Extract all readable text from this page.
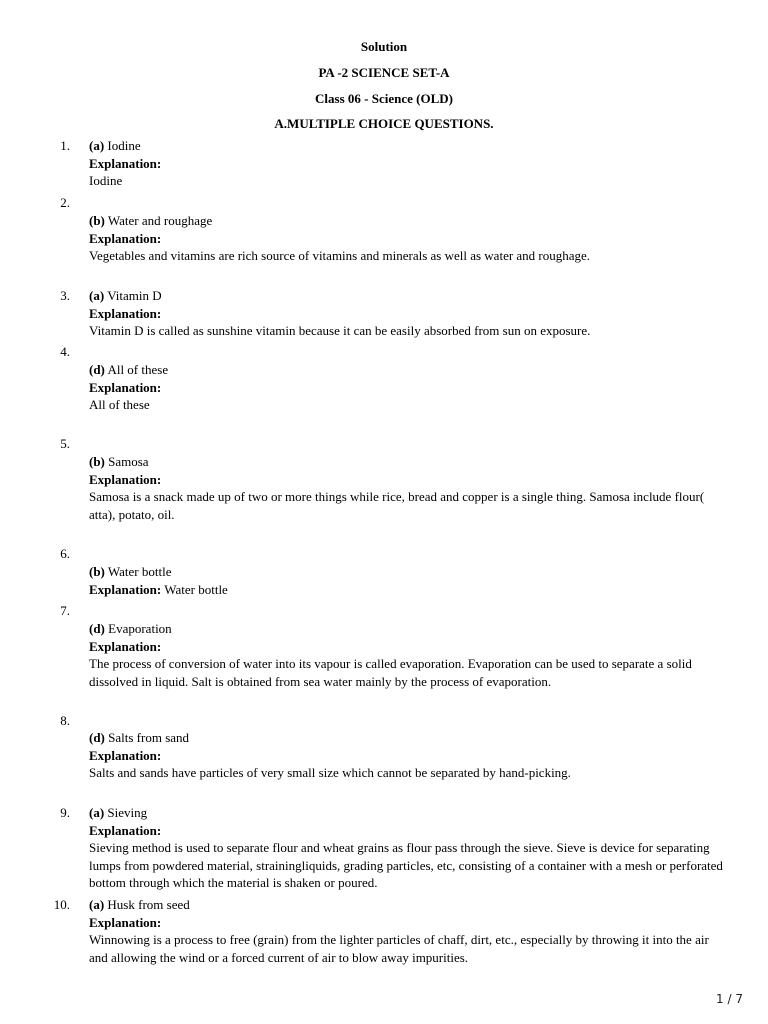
Solution
PA -2 SCIENCE SET-A
Class 06 - Science (OLD)
A.MULTIPLE CHOICE QUESTIONS.
1. (a) Iodine
Explanation:
Iodine
2.
(b) Water and roughage
Explanation:
Vegetables and vitamins are rich source of vitamins and minerals as well as water and roughage.
3. (a) Vitamin D
Explanation:
Vitamin D is called as sunshine vitamin because it can be easily absorbed from sun on exposure.
4.
(d) All of these
Explanation:
All of these
5.
(b) Samosa
Explanation:
Samosa is a snack made up of two or more things while rice, bread and copper is a single thing. Samosa include flour( atta), potato, oil.
6.
(b) Water bottle
Explanation: Water bottle
7.
(d) Evaporation
Explanation:
The process of conversion of water into its vapour is called evaporation. Evaporation can be used to separate a solid dissolved in liquid. Salt is obtained from sea water mainly by the process of evaporation.
8.
(d) Salts from sand
Explanation:
Salts and sands have particles of very small size which cannot be separated by hand-picking.
9. (a) Sieving
Explanation:
Sieving method is used to separate flour and wheat grains as flour pass through the sieve. Sieve is device for separating lumps from powdered material, strainingliquids, grading particles, etc, consisting of a container with a mesh or perforated bottom through which the material is shaken or poured.
10. (a) Husk from seed
Explanation:
Winnowing is a process to free (grain) from the lighter particles of chaff, dirt, etc., especially by throwing it into the air and allowing the wind or a forced current of air to blow away impurities.
1 / 7
